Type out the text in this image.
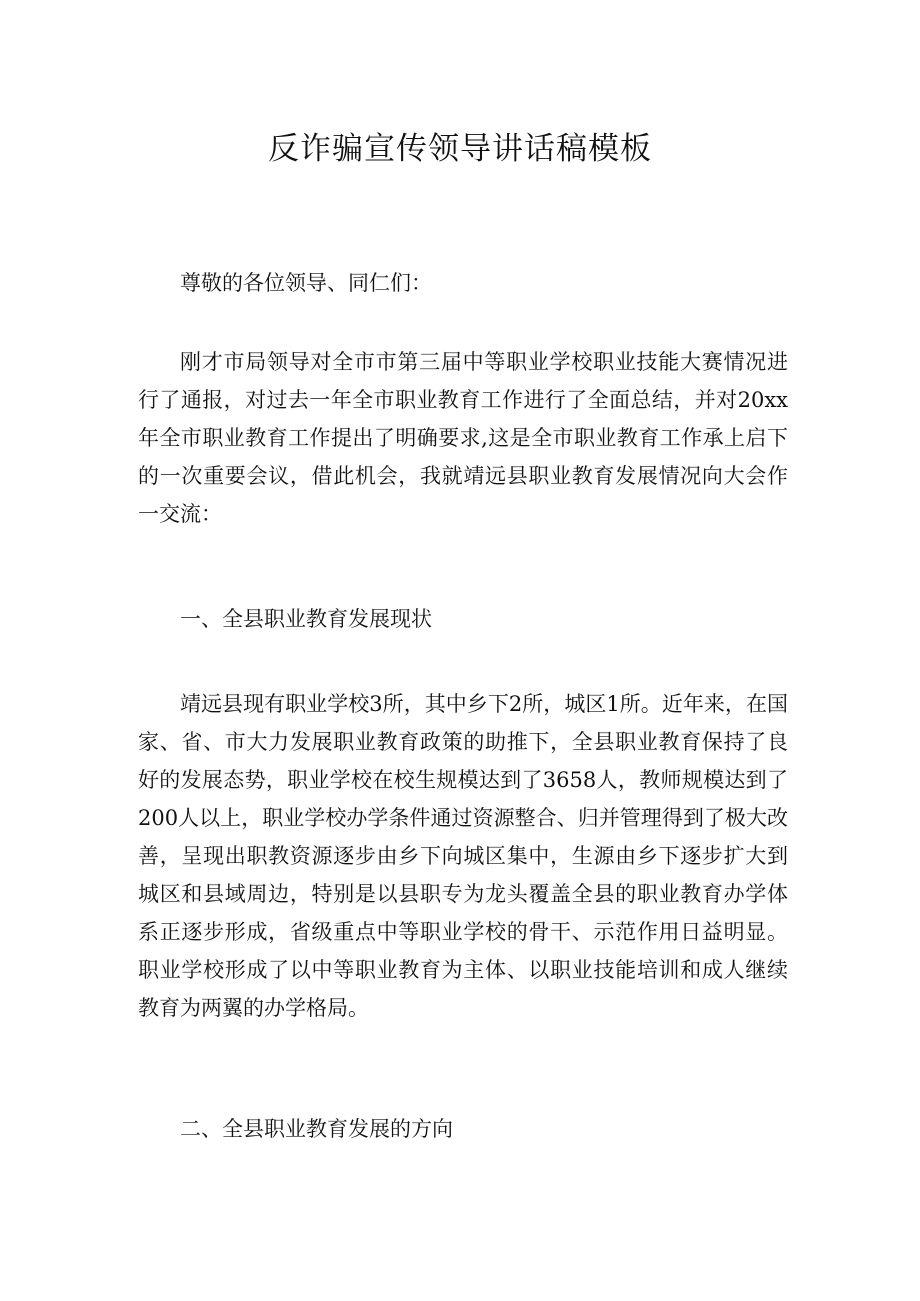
反诈骗宣传领导讲话稿模板

尊敬的各位领导、同仁们：

刚才市局领导对全市市第三届中等职业学校职业技能大赛情况进行了通报，对过去一年全市职业教育工作进行了全面总结，并对20xx年全市职业教育工作提出了明确要求,这是全市职业教育工作承上启下的一次重要会议，借此机会，我就靖远县职业教育发展情况向大会作一交流：

一、全县职业教育发展现状

靖远县现有职业学校3所，其中乡下2所，城区1所。近年来，在国家、省、市大力发展职业教育政策的助推下，全县职业教育保持了良好的发展态势，职业学校在校生规模达到了3658人，教师规模达到了200人以上，职业学校办学条件通过资源整合、归并管理得到了极大改善，呈现出职教资源逐步由乡下向城区集中，生源由乡下逐步扩大到城区和县域周边，特别是以县职专为龙头覆盖全县的职业教育办学体系正逐步形成，省级重点中等职业学校的骨干、示范作用日益明显。职业学校形成了以中等职业教育为主体、以职业技能培训和成人继续教育为两翼的办学格局。

二、全县职业教育发展的方向
